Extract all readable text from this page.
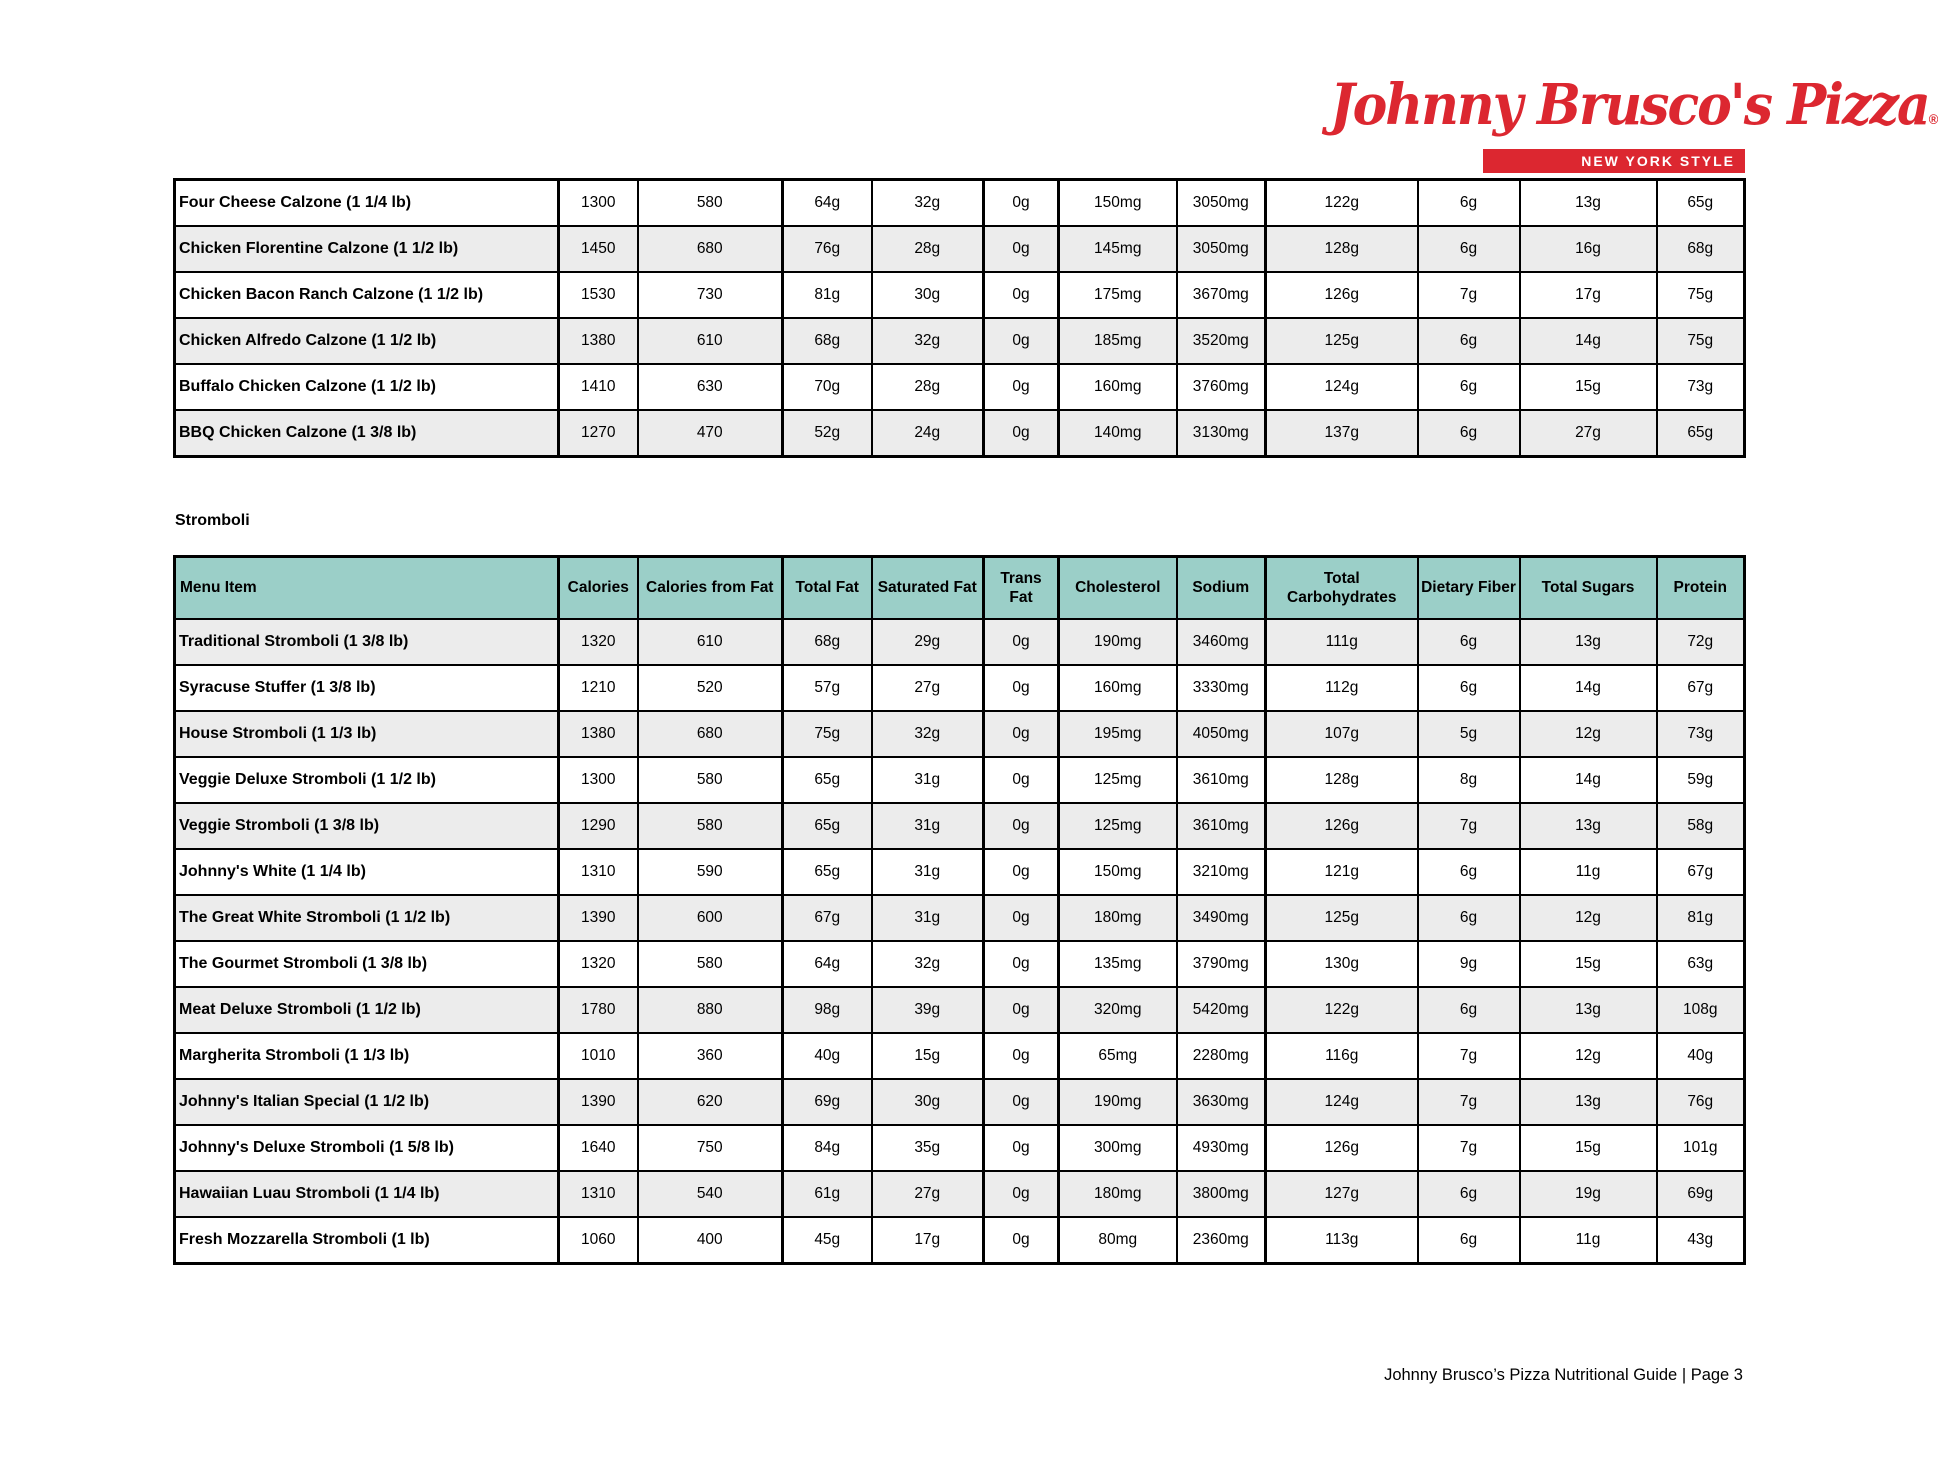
Johnny Brusco's Pizza®
NEW YORK STYLE
Four Cheese Calzone (1 1/4 lb)	1300	580	64g	32g	0g	150mg	3050mg	122g	6g	13g	65g
Chicken Florentine Calzone (1 1/2 lb)	1450	680	76g	28g	0g	145mg	3050mg	128g	6g	16g	68g
Chicken Bacon Ranch Calzone (1 1/2 lb)	1530	730	81g	30g	0g	175mg	3670mg	126g	7g	17g	75g
Chicken Alfredo Calzone (1 1/2 lb)	1380	610	68g	32g	0g	185mg	3520mg	125g	6g	14g	75g
Buffalo Chicken Calzone (1 1/2 lb)	1410	630	70g	28g	0g	160mg	3760mg	124g	6g	15g	73g
BBQ Chicken Calzone (1 3/8 lb)	1270	470	52g	24g	0g	140mg	3130mg	137g	6g	27g	65g
Stromboli
Menu Item	Calories	Calories from Fat	Total Fat	Saturated Fat	Trans Fat	Cholesterol	Sodium	Total Carbohydrates	Dietary Fiber	Total Sugars	Protein
Traditional Stromboli (1 3/8 lb)	1320	610	68g	29g	0g	190mg	3460mg	111g	6g	13g	72g
Syracuse Stuffer (1 3/8 lb)	1210	520	57g	27g	0g	160mg	3330mg	112g	6g	14g	67g
House Stromboli (1 1/3 lb)	1380	680	75g	32g	0g	195mg	4050mg	107g	5g	12g	73g
Veggie Deluxe Stromboli (1 1/2 lb)	1300	580	65g	31g	0g	125mg	3610mg	128g	8g	14g	59g
Veggie Stromboli (1 3/8 lb)	1290	580	65g	31g	0g	125mg	3610mg	126g	7g	13g	58g
Johnny's White (1 1/4 lb)	1310	590	65g	31g	0g	150mg	3210mg	121g	6g	11g	67g
The Great White Stromboli (1 1/2 lb)	1390	600	67g	31g	0g	180mg	3490mg	125g	6g	12g	81g
The Gourmet Stromboli (1 3/8 lb)	1320	580	64g	32g	0g	135mg	3790mg	130g	9g	15g	63g
Meat Deluxe Stromboli (1 1/2 lb)	1780	880	98g	39g	0g	320mg	5420mg	122g	6g	13g	108g
Margherita Stromboli (1 1/3 lb)	1010	360	40g	15g	0g	65mg	2280mg	116g	7g	12g	40g
Johnny's Italian Special (1 1/2 lb)	1390	620	69g	30g	0g	190mg	3630mg	124g	7g	13g	76g
Johnny's Deluxe Stromboli (1 5/8 lb)	1640	750	84g	35g	0g	300mg	4930mg	126g	7g	15g	101g
Hawaiian Luau Stromboli (1 1/4 lb)	1310	540	61g	27g	0g	180mg	3800mg	127g	6g	19g	69g
Fresh Mozzarella Stromboli (1 lb)	1060	400	45g	17g	0g	80mg	2360mg	113g	6g	11g	43g
Johnny Brusco’s Pizza Nutritional Guide | Page 3
